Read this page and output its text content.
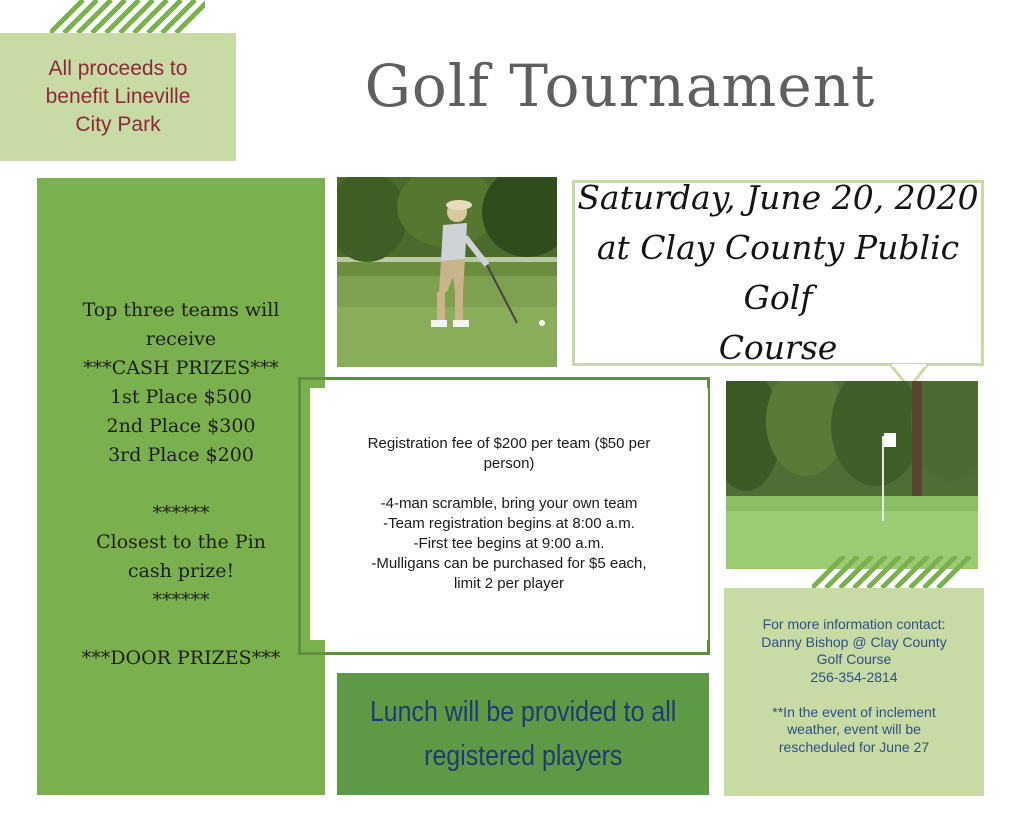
All proceeds to
benefit Lineville
City Park
Golf Tournament
Top three teams will
receive
***CASH PRIZES***
1st Place $500
2nd Place $300
3rd Place $200
******
Closest to the Pin
cash prize!
******
***DOOR PRIZES***
Saturday, June 20, 2020
at Clay County Public Golf
Course
Registration fee of $200 per team ($50 per
person)
-4-man scramble, bring your own team
-Team registration begins at 8:00 a.m.
-First tee begins at 9:00 a.m.
-Mulligans can be purchased for $5 each,
limit 2 per player
Lunch will be provided to all
registered players
For more information contact:
Danny Bishop @ Clay County
Golf Course
256-354-2814
**In the event of inclement
weather, event will be
rescheduled for June 27
